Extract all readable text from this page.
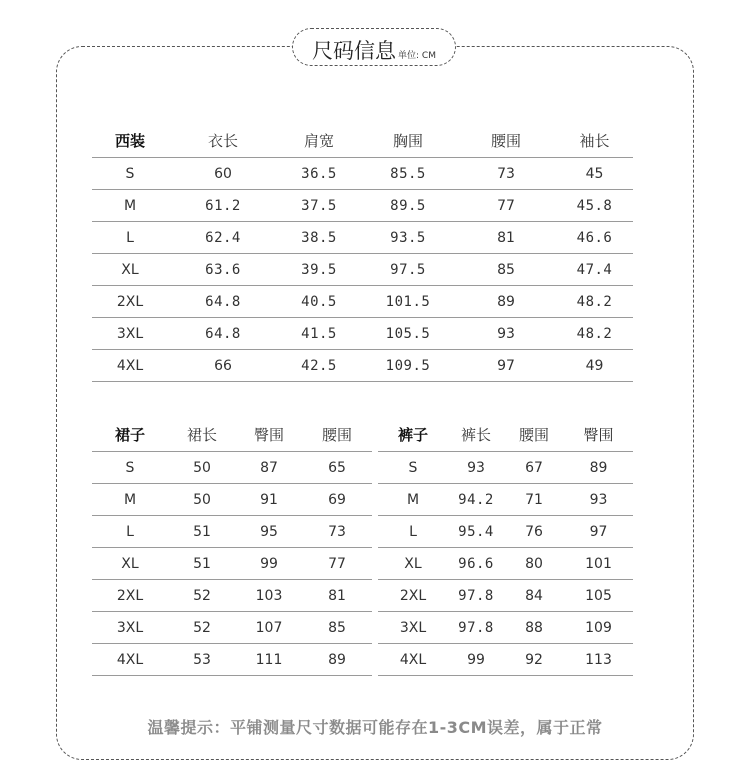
尺码信息 单位: CM
西装	衣长	肩宽	胸围	腰围	袖长
S	60	36.5	85.5	73	45
M	61.2	37.5	89.5	77	45.8
L	62.4	38.5	93.5	81	46.6
XL	63.6	39.5	97.5	85	47.4
2XL	64.8	40.5	101.5	89	48.2
3XL	64.8	41.5	105.5	93	48.2
4XL	66	42.5	109.5	97	49
裙子	裙长	臀围	腰围
S	50	87	65
M	50	91	69
L	51	95	73
XL	51	99	77
2XL	52	103	81
3XL	52	107	85
4XL	53	111	89
裤子	裤长	腰围	臀围
S	93	67	89
M	94.2	71	93
L	95.4	76	97
XL	96.6	80	101
2XL	97.8	84	105
3XL	97.8	88	109
4XL	99	92	113
温馨提示：平铺测量尺寸数据可能存在1-3CM误差，属于正常
